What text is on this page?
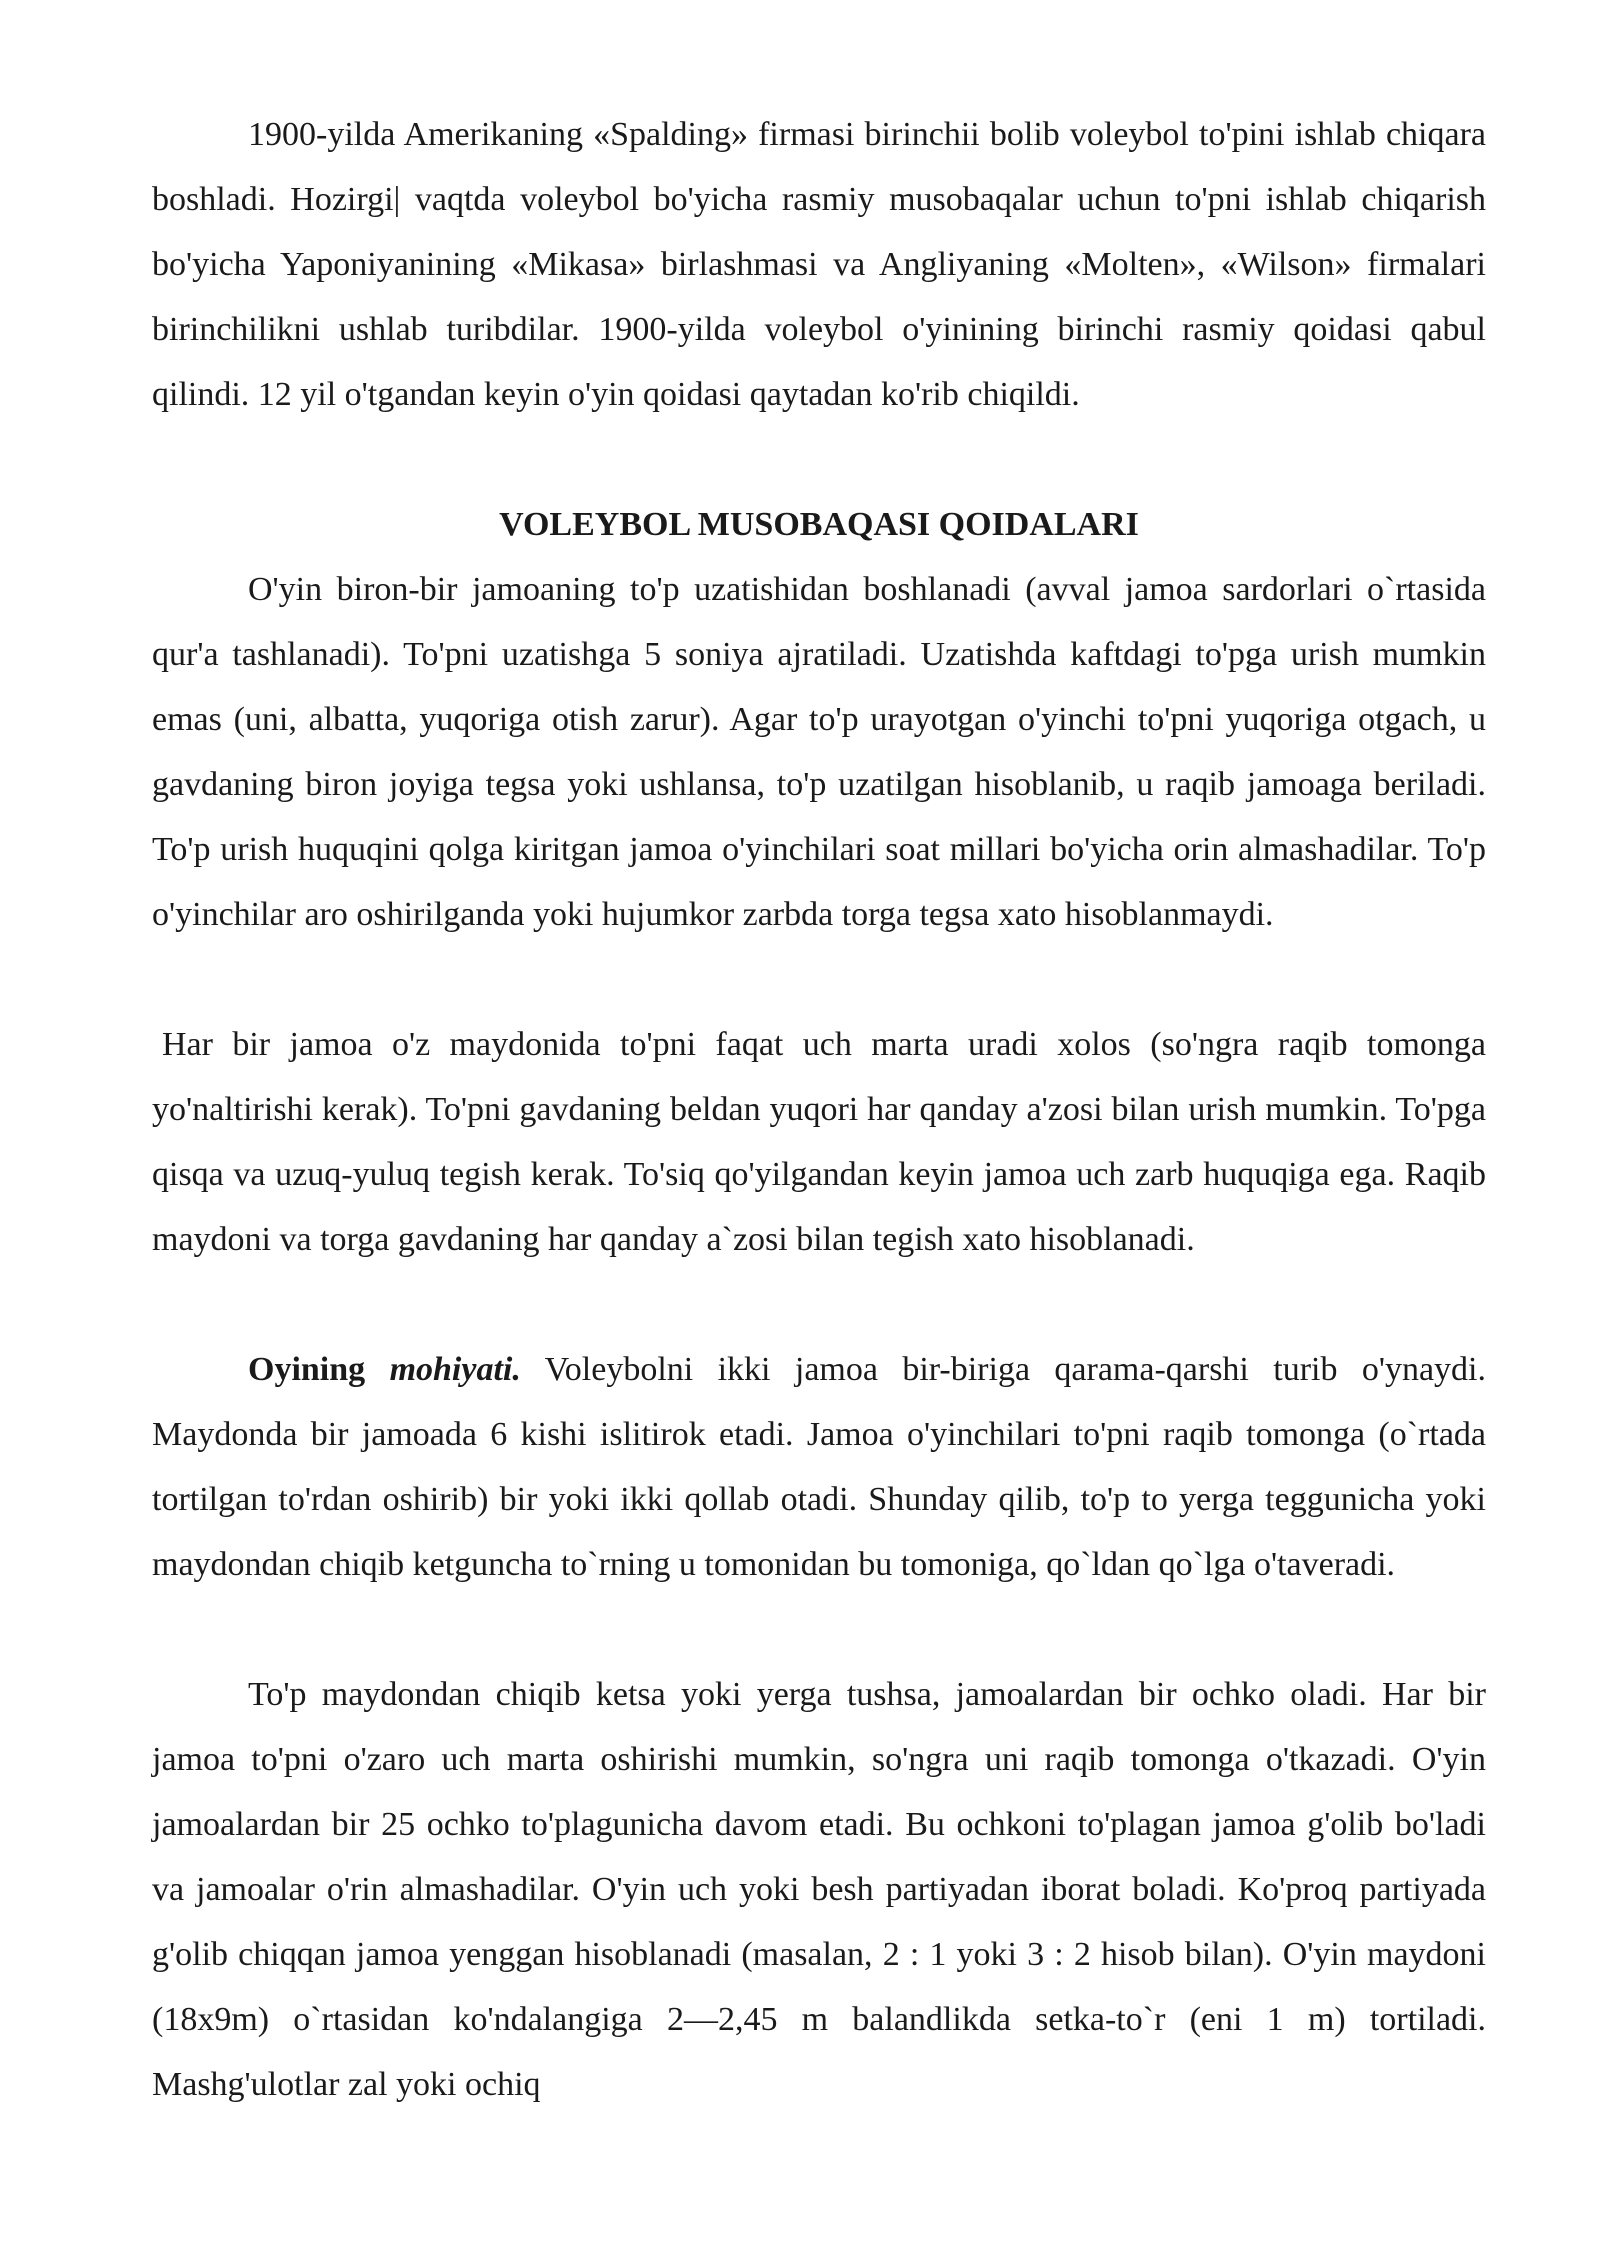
1900-yilda Amerikaning «Spalding» firmasi birinchii bolib voleybol to'pini ishlab chiqara boshladi. Hozirgi| vaqtda voleybol bo'yicha rasmiy musobaqalar uchun to'pni ishlab chiqarish bo'yicha Yaponiyanining «Mikasa» birlashmasi va Angliyaning «Molten», «Wilson» firmalari birinchilikni ushlab turibdilar. 1900-yilda voleybol o'yinining birinchi rasmiy qoidasi qabul qilindi. 12 yil o'tgandan keyin o'yin qoidasi qaytadan ko'rib chiqildi.

VOLEYBOL MUSOBAQASI QOIDALARI

O'yin biron-bir jamoaning to'p uzatishidan boshlanadi (avval jamoa sardorlari o`rtasida qur'a tashlanadi). To'pni uzatishga 5 soniya ajratiladi. Uzatishda kaftdagi to'pga urish mumkin emas (uni, albatta, yuqoriga otish zarur). Agar to'p urayotgan o'yinchi to'pni yuqoriga otgach, u gavdaning biron joyiga tegsa yoki ushlansa, to'p uzatilgan hisoblanib, u raqib jamoaga beriladi. To'p urish huquqini qolga kiritgan jamoa o'yinchilari soat millari bo'yicha orin almashadilar. To'p o'yinchilar aro oshirilganda yoki hujumkor zarbda torga tegsa xato hisoblanmaydi.

Har bir jamoa o'z maydonida to'pni faqat uch marta uradi xolos (so'ngra raqib tomonga yo'naltirishi kerak). To'pni gavdaning beldan yuqori har qanday a'zosi bilan urish mumkin. To'pga qisqa va uzuq-yuluq tegish kerak. To'siq qo'yilgandan keyin jamoa uch zarb huquqiga ega. Raqib maydoni va torga gavdaning har qanday a`zosi bilan tegish xato hisoblanadi.

Oyining mohiyati. Voleybolni ikki jamoa bir-biriga qarama-qarshi turib o'ynaydi. Maydonda bir jamoada 6 kishi islitirok etadi. Jamoa o'yinchilari to'pni raqib tomonga (o`rtada tortilgan to'rdan oshirib) bir yoki ikki qollab otadi. Shunday qilib, to'p to yerga teggunicha yoki maydondan chiqib ketguncha to`rning u tomonidan bu tomoniga, qo`ldan qo`lga o'taveradi.

To'p maydondan chiqib ketsa yoki yerga tushsa, jamoalardan bir ochko oladi. Har bir jamoa to'pni o'zaro uch marta oshirishi mumkin, so'ngra uni raqib tomonga o'tkazadi. O'yin jamoalardan bir 25 ochko to'plagunicha davom etadi. Bu ochkoni to'plagan jamoa g'olib bo'ladi va jamoalar o'rin almashadilar. O'yin uch yoki besh partiyadan iborat boladi. Ko'proq partiyada g'olib chiqqan jamoa yenggan hisoblanadi (masalan, 2 : 1 yoki 3 : 2 hisob bilan). O'yin maydoni (18x9m) o`rtasidan ko'ndalangiga 2—2,45 m balandlikda setka-to`r (eni 1 m) tortiladi. Mashg'ulotlar zal yoki ochiq
